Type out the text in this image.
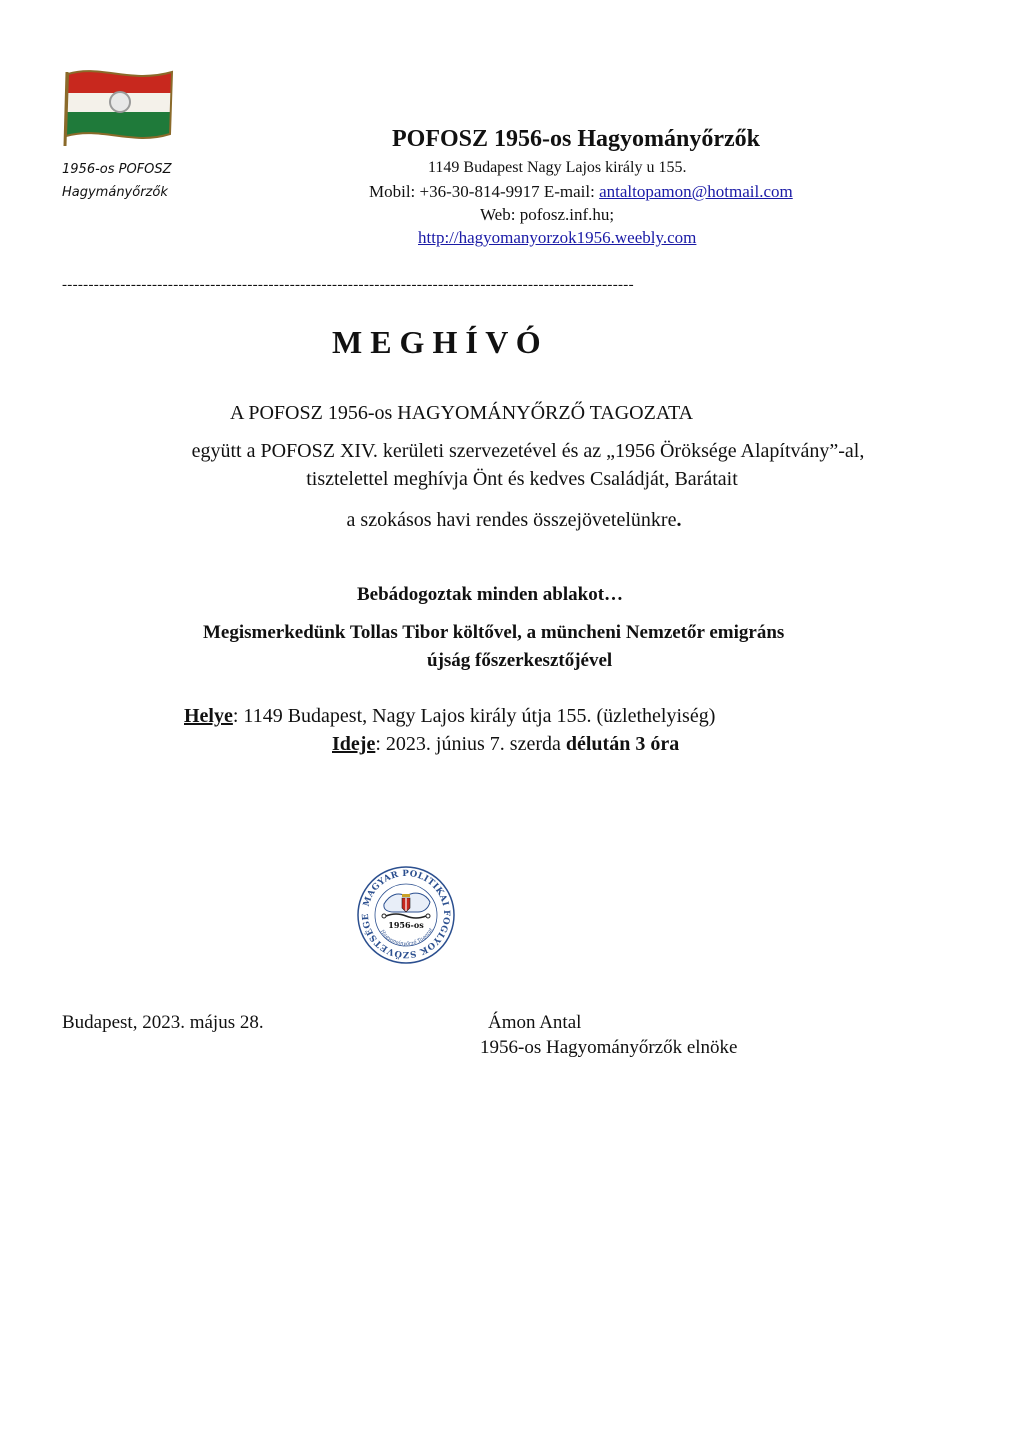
1956-os POFOSZ
Hagymányőrzők
POFOSZ 1956-os Hagyományőrzők
1149 Budapest Nagy Lajos király u 155.
Mobil: +36-30-814-9917 E-mail: antaltopamon@hotmail.com
Web: pofosz.inf.hu;
http://hagyomanyorzok1956.weebly.com
------------------------------------------------------------------------------------------------------------
M E G H Í V Ó
A POFOSZ 1956-os HAGYOMÁNYŐRZŐ TAGOZATA
együtt a POFOSZ XIV. kerületi szervezetével és az „1956 Öröksége Alapítvány”-al,
tisztelettel meghívja Önt és kedves Családját, Barátait
a szokásos havi rendes összejövetelünkre.
Bebádogoztak minden ablakot…
Megismerkedünk Tollas Tibor költővel, a müncheni Nemzetőr emigráns
újság főszerkesztőjével
Helye: 1149 Budapest, Nagy Lajos király útja 155. (üzlethelyiség)
Ideje: 2023. június 7. szerda délután 3 óra
MAGYAR POLITIKAI FOGLYOK SZÖVETSÉGE
1956-os
Hagyományőrző Tagozat
Budapest, 2023. május 28.	Ámon Antal
1956-os Hagyományőrzők elnöke
